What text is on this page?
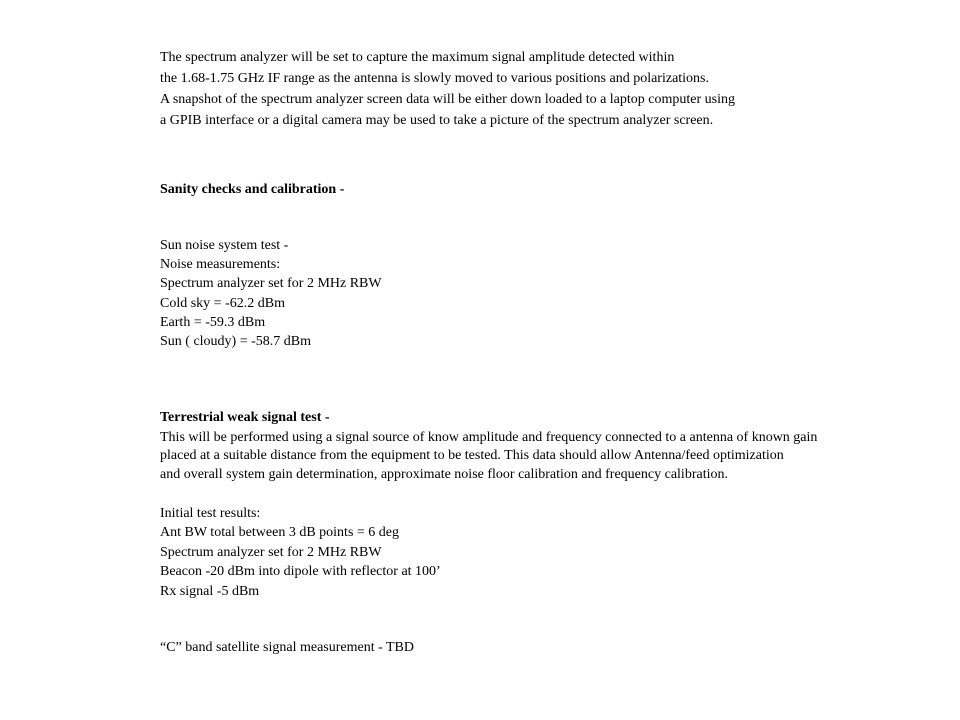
The spectrum analyzer will be set to capture the maximum signal amplitude detected within
the 1.68-1.75 GHz IF range as the antenna is slowly moved to various positions and polarizations.
A snapshot of the spectrum analyzer screen data will be either down loaded to a laptop computer using
a GPIB interface or a digital camera may be used to take a picture of the spectrum analyzer screen.
Sanity checks and calibration -
Sun noise system test -
Noise measurements:
Spectrum analyzer set for 2 MHz RBW
Cold sky = -62.2 dBm
Earth = -59.3 dBm
Sun ( cloudy) = -58.7 dBm
Terrestrial weak signal test -
This will be performed using a signal source of know amplitude and frequency connected to a antenna of known gain
placed at a suitable distance from the equipment to be tested. This data should allow Antenna/feed optimization
and overall system gain determination, approximate noise floor calibration and frequency calibration.
Initial test results:
Ant BW total between 3 dB points = 6 deg
Spectrum analyzer set for 2 MHz RBW
Beacon -20 dBm into dipole with reflector at 100’
Rx signal -5 dBm
“C” band satellite signal measurement - TBD
